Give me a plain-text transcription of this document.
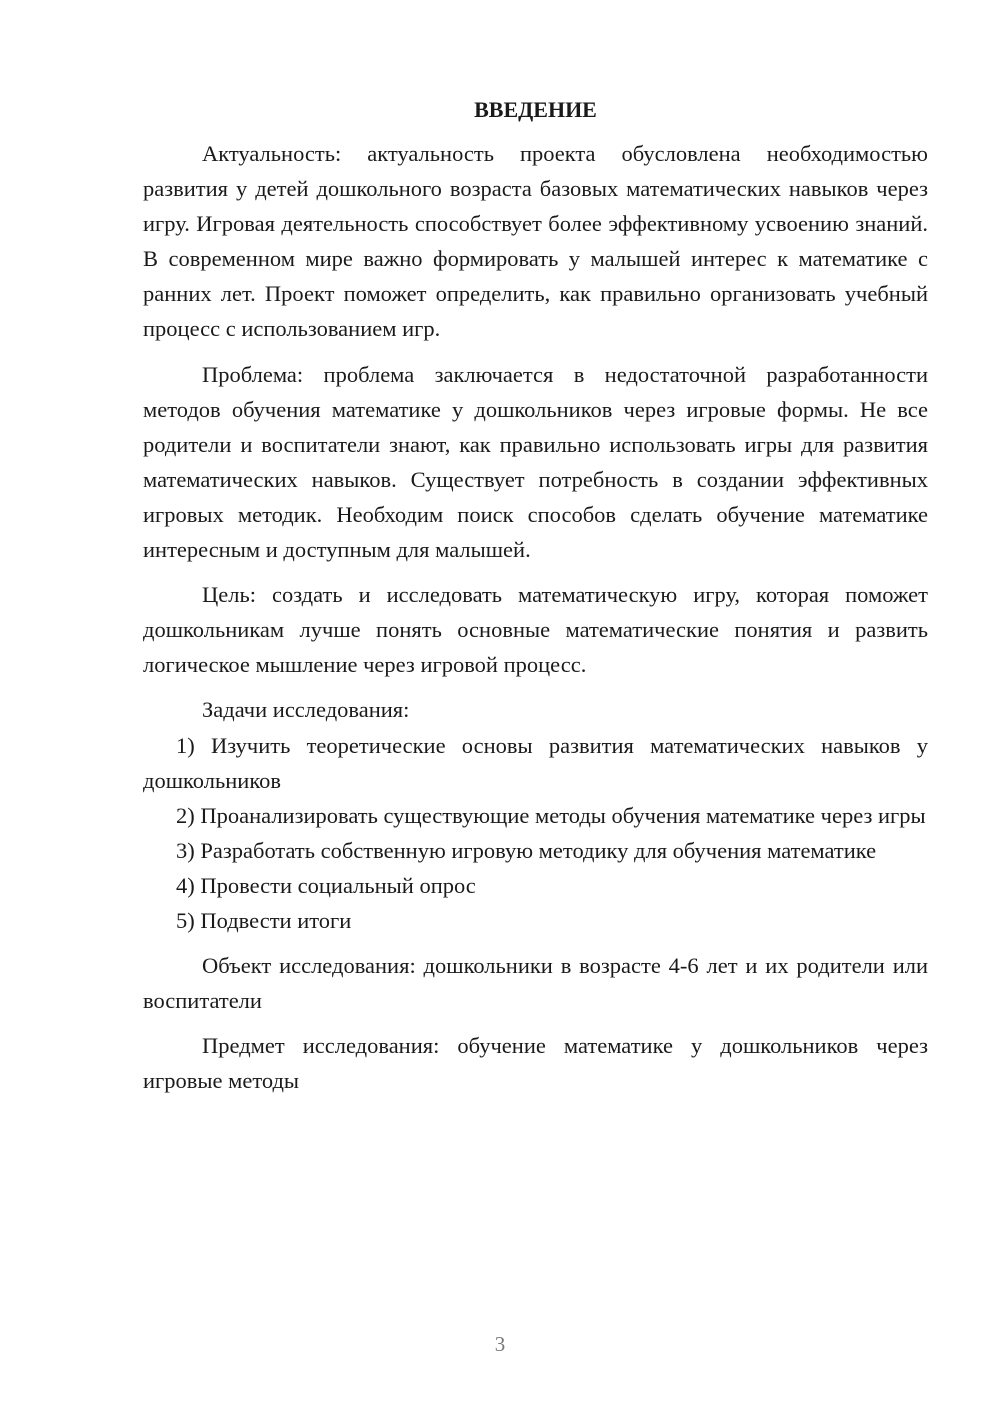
ВВЕДЕНИЕ

Актуальность: актуальность проекта обусловлена необходимостью развития у детей дошкольного возраста базовых математических навыков через игру. Игровая деятельность способствует более эффективному усвоению знаний. В современном мире важно формировать у малышей интерес к математике с ранних лет. Проект поможет определить, как правильно организовать учебный процесс с использованием игр.

Проблема: проблема заключается в недостаточной разработанности методов обучения математике у дошкольников через игровые формы. Не все родители и воспитатели знают, как правильно использовать игры для развития математических навыков. Существует потребность в создании эффективных игровых методик. Необходим поиск способов сделать обучение математике интересным и доступным для малышей.

Цель: создать и исследовать математическую игру, которая поможет дошкольникам лучше понять основные математические понятия и развить логическое мышление через игровой процесс.

Задачи исследования:

1) Изучить теоретические основы развития математических навыков у дошкольников

2) Проанализировать существующие методы обучения математике через игры

3) Разработать собственную игровую методику для обучения математике

4) Провести социальный опрос

5) Подвести итоги

Объект исследования: дошкольники в возрасте 4-6 лет и их родители или воспитатели

Предмет исследования: обучение математике у дошкольников через игровые методы

3
